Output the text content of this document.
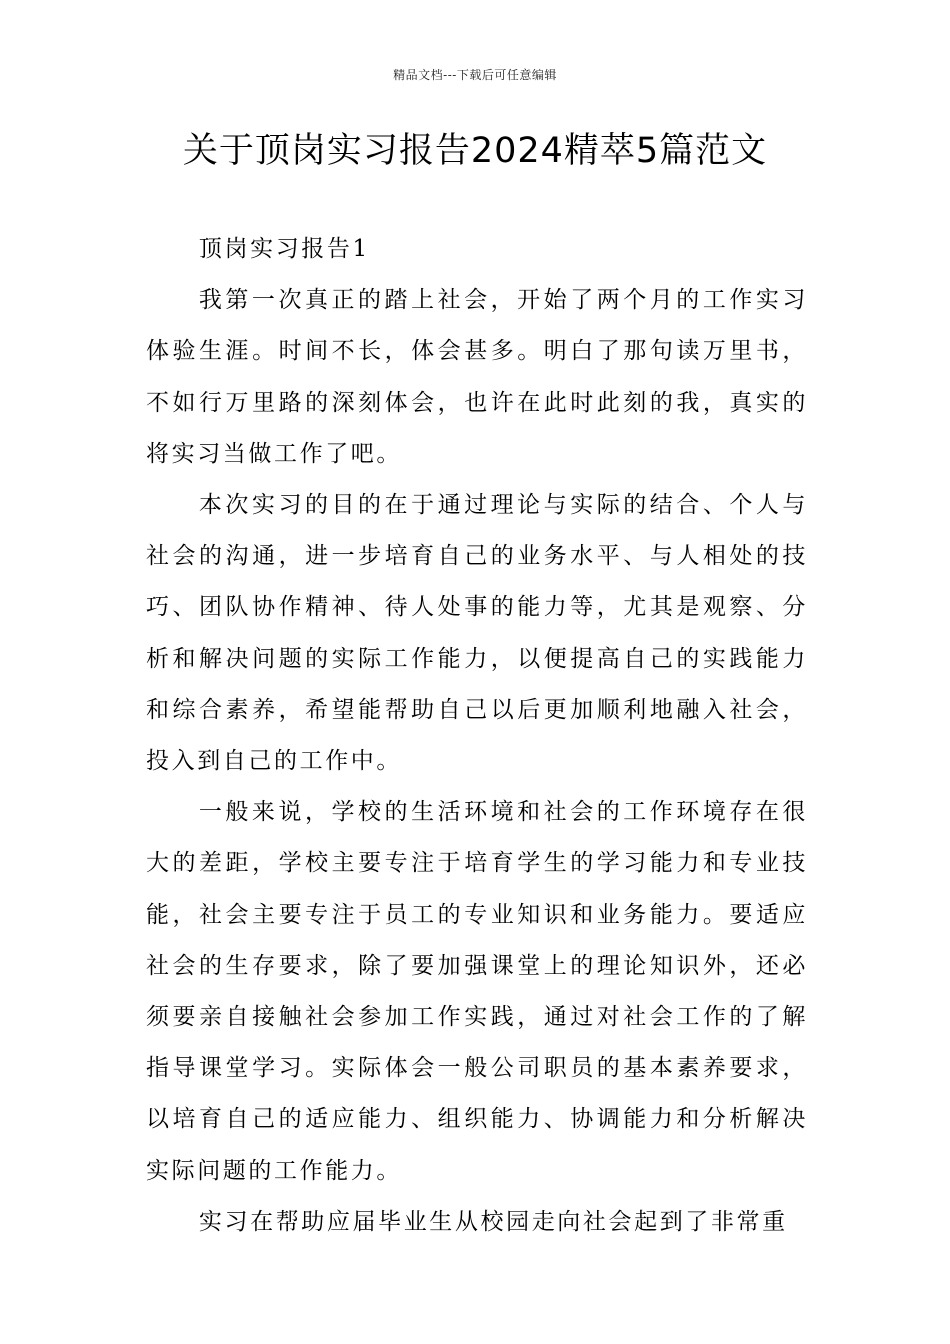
精品文档---下载后可任意编辑
关于顶岗实习报告2024精萃5篇范文

顶岗实习报告1

我第一次真正的踏上社会，开始了两个月的工作实习体验生涯。时间不长，体会甚多。明白了那句读万里书，不如行万里路的深刻体会，也许在此时此刻的我，真实的将实习当做工作了吧。

本次实习的目的在于通过理论与实际的结合、个人与社会的沟通，进一步培育自己的业务水平、与人相处的技巧、团队协作精神、待人处事的能力等，尤其是观察、分析和解决问题的实际工作能力，以便提高自己的实践能力和综合素养，希望能帮助自己以后更加顺利地融入社会，投入到自己的工作中。

一般来说，学校的生活环境和社会的工作环境存在很大的差距，学校主要专注于培育学生的学习能力和专业技能，社会主要专注于员工的专业知识和业务能力。要适应社会的生存要求，除了要加强课堂上的理论知识外，还必须要亲自接触社会参加工作实践，通过对社会工作的了解指导课堂学习。实际体会一般公司职员的基本素养要求，以培育自己的适应能力、组织能力、协调能力和分析解决实际问题的工作能力。

实习在帮助应届毕业生从校园走向社会起到了非常重
